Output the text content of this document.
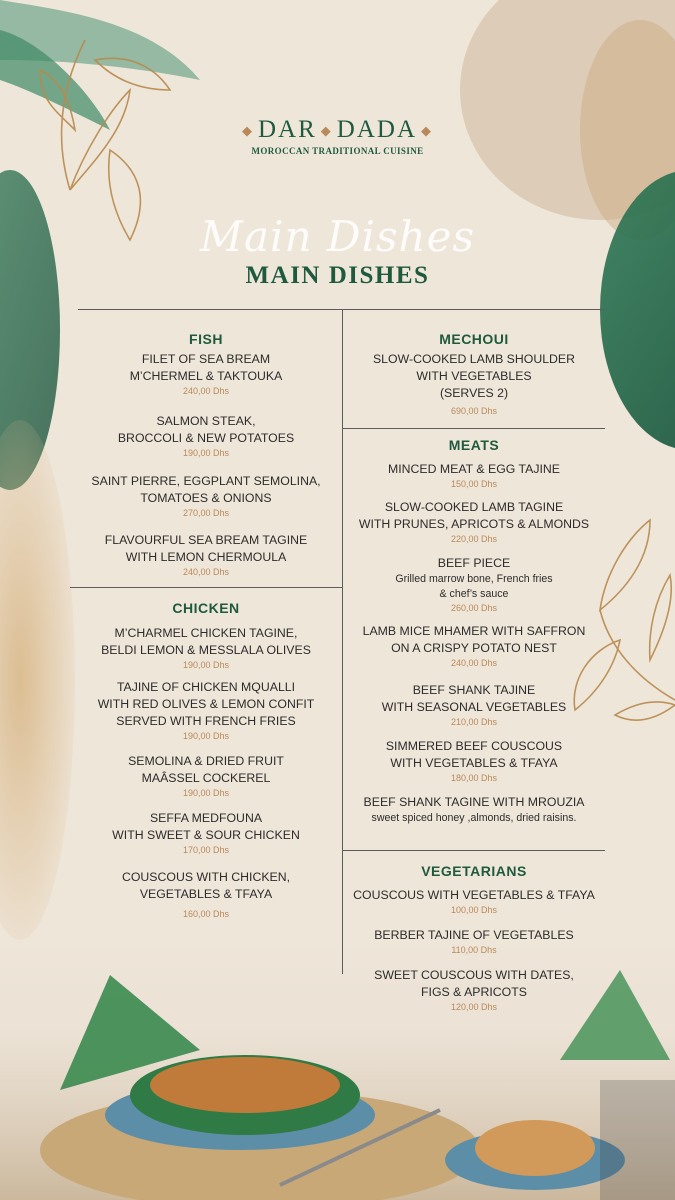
◆ DAR ◆ DADA ◆
MOROCCAN TRADITIONAL CUISINE
Main Dishes
MAIN DISHES
FISH
FILET OF SEA BREAM
M’CHERMEL & TAKTOUKA
240,00 Dhs
SALMON STEAK,
BROCCOLI & NEW POTATOES
190,00 Dhs
SAINT PIERRE, EGGPLANT SEMOLINA,
TOMATOES & ONIONS
270,00 Dhs
FLAVOURFUL SEA BREAM TAGINE
WITH LEMON CHERMOULA
240,00 Dhs
CHICKEN
M’CHARMEL CHICKEN TAGINE,
BELDI LEMON & MESSLALA OLIVES
190,00 Dhs
TAJINE OF CHICKEN MQUALLI
WITH RED OLIVES & LEMON CONFIT
SERVED WITH FRENCH FRIES
190,00 Dhs
SEMOLINA & DRIED FRUIT
MAÂSSEL COCKEREL
190,00 Dhs
SEFFA MEDFOUNA
WITH SWEET & SOUR CHICKEN
170,00 Dhs
COUSCOUS WITH CHICKEN,
VEGETABLES & TFAYA
160,00 Dhs
MECHOUI
SLOW-COOKED LAMB SHOULDER
WITH VEGETABLES
(SERVES 2)
690,00 Dhs
MEATS
MINCED MEAT & EGG TAJINE
150,00 Dhs
SLOW-COOKED LAMB TAGINE
WITH PRUNES, APRICOTS & ALMONDS
220,00 Dhs
BEEF PIECE
Grilled marrow bone, French fries
& chef’s sauce
260,00 Dhs
LAMB MICE MHAMER WITH SAFFRON
ON A CRISPY POTATO NEST
240,00 Dhs
BEEF SHANK TAJINE
WITH SEASONAL VEGETABLES
210,00 Dhs
SIMMERED BEEF COUSCOUS
WITH VEGETABLES & TFAYA
180,00 Dhs
BEEF SHANK TAGINE WITH MROUZIA
sweet spiced honey ,almonds, dried raisins.
VEGETARIANS
COUSCOUS WITH VEGETABLES & TFAYA
100,00 Dhs
BERBER TAJINE OF VEGETABLES
110,00 Dhs
SWEET COUSCOUS WITH DATES,
FIGS & APRICOTS
120,00 Dhs
